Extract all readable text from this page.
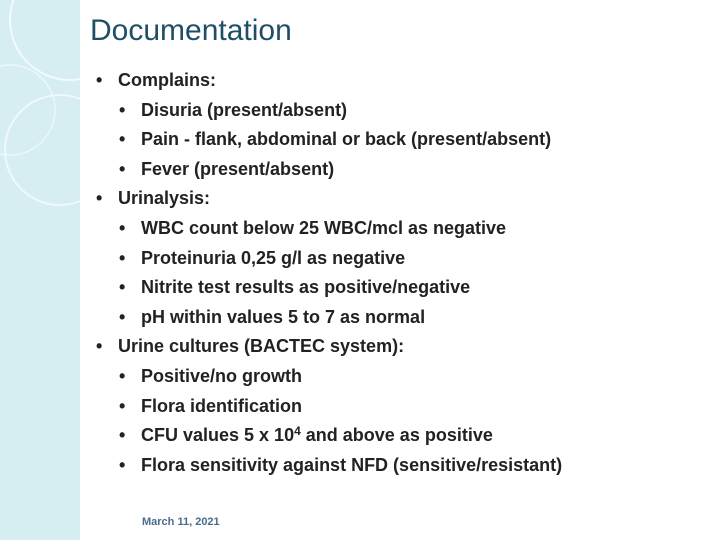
Documentation
• Complains:
• Disuria (present/absent)
• Pain - flank, abdominal or back (present/absent)
• Fever (present/absent)
• Urinalysis:
• WBC count below 25 WBC/mcl as negative
• Proteinuria 0,25 g/l as negative
• Nitrite test results as positive/negative
• pH within values 5 to 7 as normal
• Urine cultures (BACTEC system):
• Positive/no growth
• Flora identification
• CFU values 5 x $10^4$ and above as positive
• Flora sensitivity against NFD (sensitive/resistant)
March 11, 2021
